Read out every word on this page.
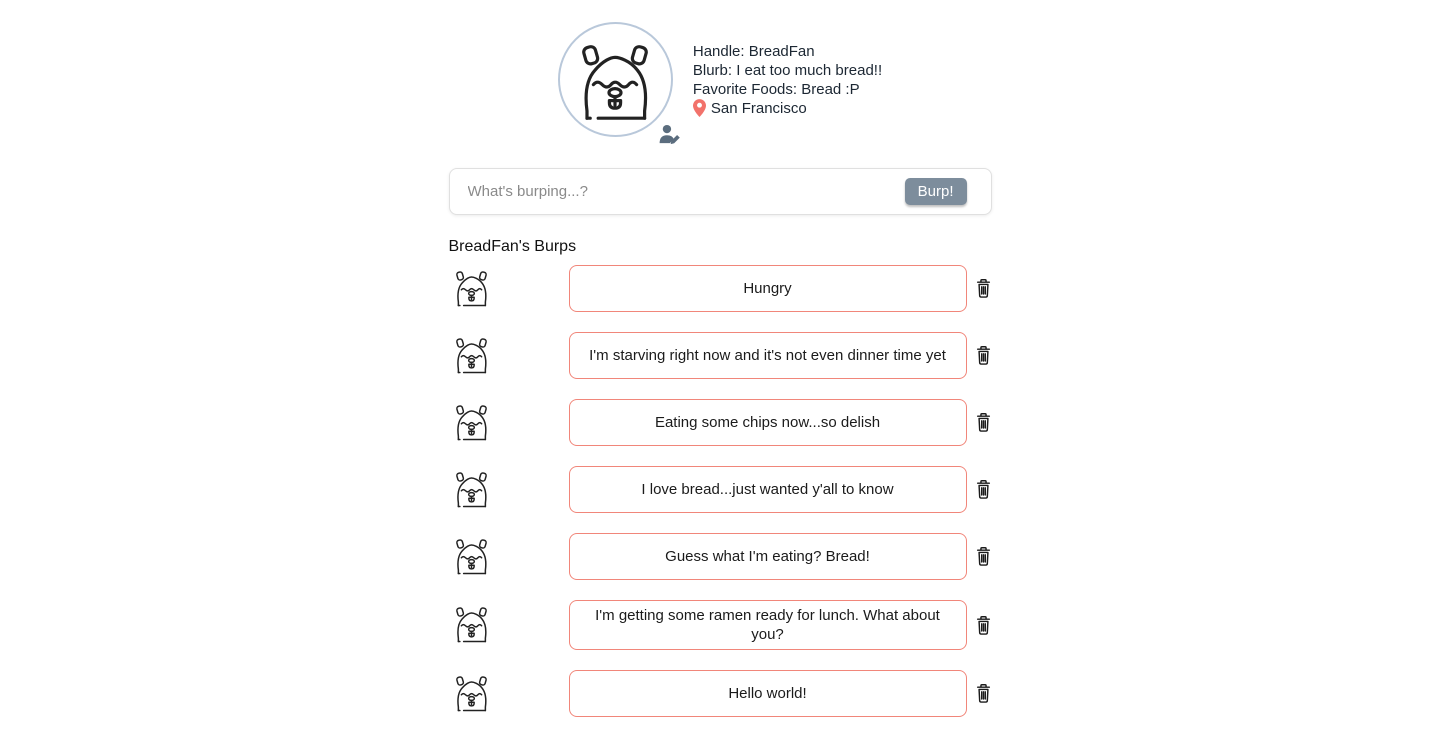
Handle: BreadFan
Blurb: I eat too much bread!!
Favorite Foods: Bread :P
San Francisco
What's burping...?
Burp!
BreadFan's Burps
Hungry
I'm starving right now and it's not even dinner time yet
Eating some chips now...so delish
I love bread...just wanted y'all to know
Guess what I'm eating? Bread!
I'm getting some ramen ready for lunch. What about you?
Hello world!
